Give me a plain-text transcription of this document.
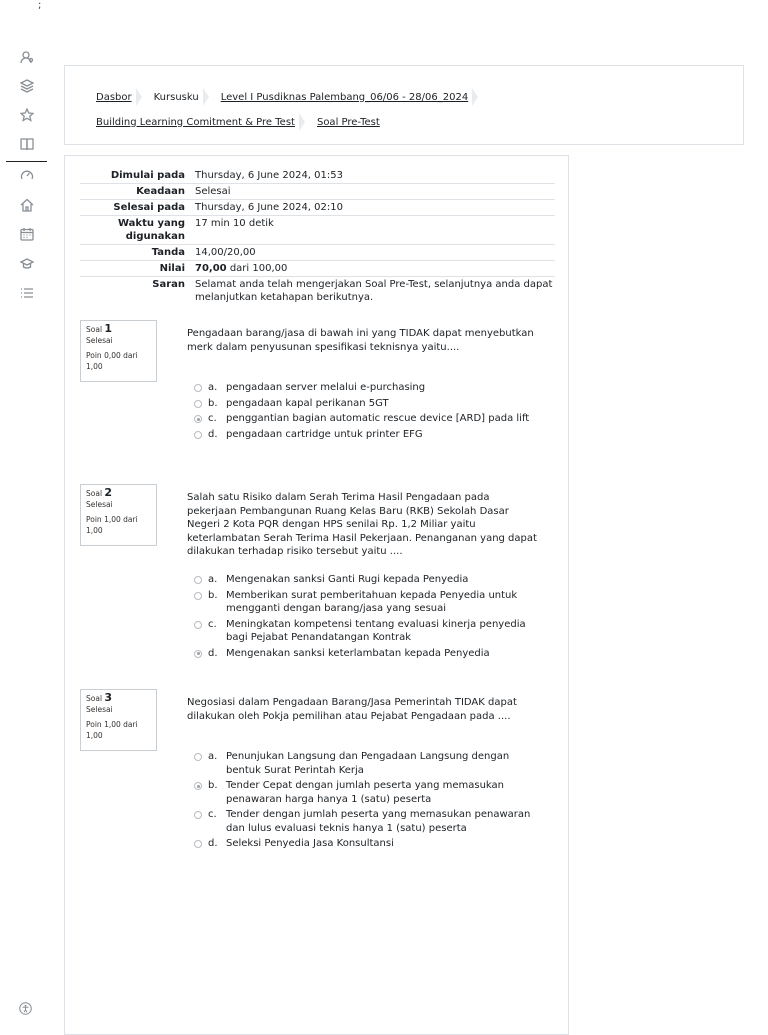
;
Dasbor Kursusku Level I Pusdiknas Palembang_06/06 - 28/06_2024
Building Learning Comitment & Pre Test Soal Pre-Test
Dimulai pada	Thursday, 6 June 2024, 01:53
Keadaan	Selesai
Selesai pada	Thursday, 6 June 2024, 02:10
Waktu yang digunakan	17 min 10 detik
Tanda	14,00/20,00
Nilai	70,00 dari 100,00
Saran	Selamat anda telah mengerjakan Soal Pre-Test, selanjutnya anda dapat melanjutkan ketahapan berikutnya.
Soal 1
Selesai
Poin 0,00 dari 1,00
Pengadaan barang/jasa di bawah ini yang TIDAK dapat menyebutkan merk dalam penyusunan spesifikasi teknisnya yaitu....
a. pengadaan server melalui e-purchasing
b. pengadaan kapal perikanan 5GT
c. penggantian bagian automatic rescue device [ARD] pada lift
d. pengadaan cartridge untuk printer EFG
Soal 2
Selesai
Poin 1,00 dari 1,00
Salah satu Risiko dalam Serah Terima Hasil Pengadaan pada pekerjaan Pembangunan Ruang Kelas Baru (RKB) Sekolah Dasar Negeri 2 Kota PQR dengan HPS senilai Rp. 1,2 Miliar yaitu keterlambatan Serah Terima Hasil Pekerjaan. Penanganan yang dapat dilakukan terhadap risiko tersebut yaitu ....
a. Mengenakan sanksi Ganti Rugi kepada Penyedia
b. Memberikan surat pemberitahuan kepada Penyedia untuk mengganti dengan barang/jasa yang sesuai
c. Meningkatan kompetensi tentang evaluasi kinerja penyedia bagi Pejabat Penandatangan Kontrak
d. Mengenakan sanksi keterlambatan kepada Penyedia
Soal 3
Selesai
Poin 1,00 dari 1,00
Negosiasi dalam Pengadaan Barang/Jasa Pemerintah TIDAK dapat dilakukan oleh Pokja pemilihan atau Pejabat Pengadaan pada ....
a. Penunjukan Langsung dan Pengadaan Langsung dengan bentuk Surat Perintah Kerja
b. Tender Cepat dengan jumlah peserta yang memasukan penawaran harga hanya 1 (satu) peserta
c. Tender dengan jumlah peserta yang memasukan penawaran dan lulus evaluasi teknis hanya 1 (satu) peserta
d. Seleksi Penyedia Jasa Konsultansi
